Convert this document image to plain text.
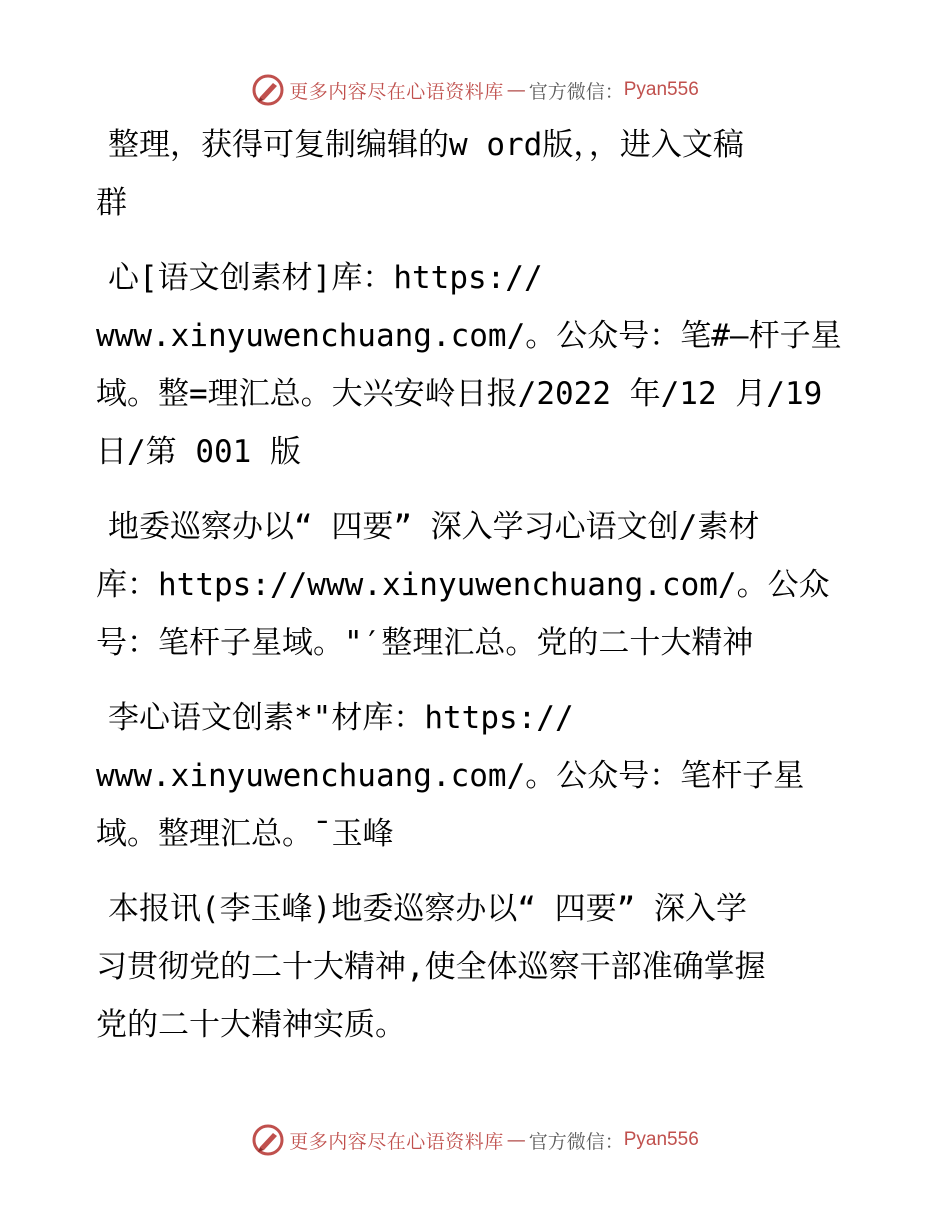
更多内容尽在心语资料库 — 官方微信： Pyan556
整理，获得可复制编辑的w ord版，，进入文稿
群
心[语文创素材]库：https://
www.xinyuwenchuang.com/。公众号：笔#—杆子星
域。整=理汇总。大兴安岭日报/2022 年/12 月/19
日/第 001 版
地委巡察办以“ 四要” 深入学习心语文创/素材
库：https://www.xinyuwenchuang.com/。公众
号：笔杆子星域。"′整理汇总。党的二十大精神
李心语文创素*"材库：https://
www.xinyuwenchuang.com/。公众号：笔杆子星
域。整理汇总。¯玉峰
本报讯(李玉峰)地委巡察办以“ 四要” 深入学
习贯彻党的二十大精神,使全体巡察干部准确掌握
党的二十大精神实质。
更多内容尽在心语资料库 — 官方微信： Pyan556
